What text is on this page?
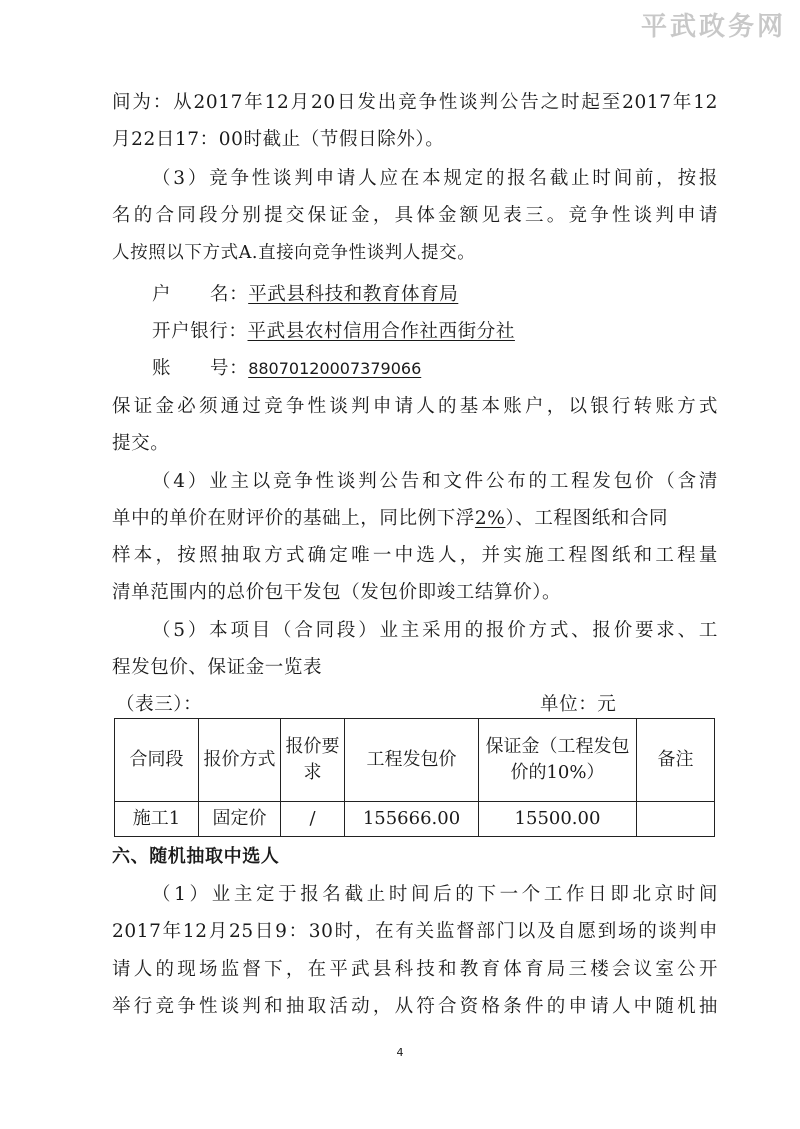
平武政务网
间为：从2017年12月20日发出竞争性谈判公告之时起至2017年12
月22日17：00时截止（节假日除外）。
（3）竞争性谈判申请人应在本规定的报名截止时间前，按报
名的合同段分别提交保证金，具体金额见表三。竞争性谈判申请
人按照以下方式A.直接向竞争性谈判人提交。
户      名：平武县科技和教育体育局
开户银行：平武县农村信用合作社西街分社
账      号：88070120007379066
保证金必须通过竞争性谈判申请人的基本账户，以银行转账方式
提交。
（4）业主以竞争性谈判公告和文件公布的工程发包价（含清
单中的单价在财评价的基础上，同比例下浮2%）、工程图纸和合同
样本，按照抽取方式确定唯一中选人，并实施工程图纸和工程量
清单范围内的总价包干发包（发包价即竣工结算价）。
（5）本项目（合同段）业主采用的报价方式、报价要求、工
程发包价、保证金一览表
（表三）：	单位：元
合同段	报价方式	报价要求	工程发包价	保证金（工程发包价的10%）	备注
施工1	固定价	/	155666.00	15500.00	
六、随机抽取中选人
（1）业主定于报名截止时间后的下一个工作日即北京时间
2017年12月25日9：30时，在有关监督部门以及自愿到场的谈判申
请人的现场监督下，在平武县科技和教育体育局三楼会议室公开
举行竞争性谈判和抽取活动，从符合资格条件的申请人中随机抽
4
